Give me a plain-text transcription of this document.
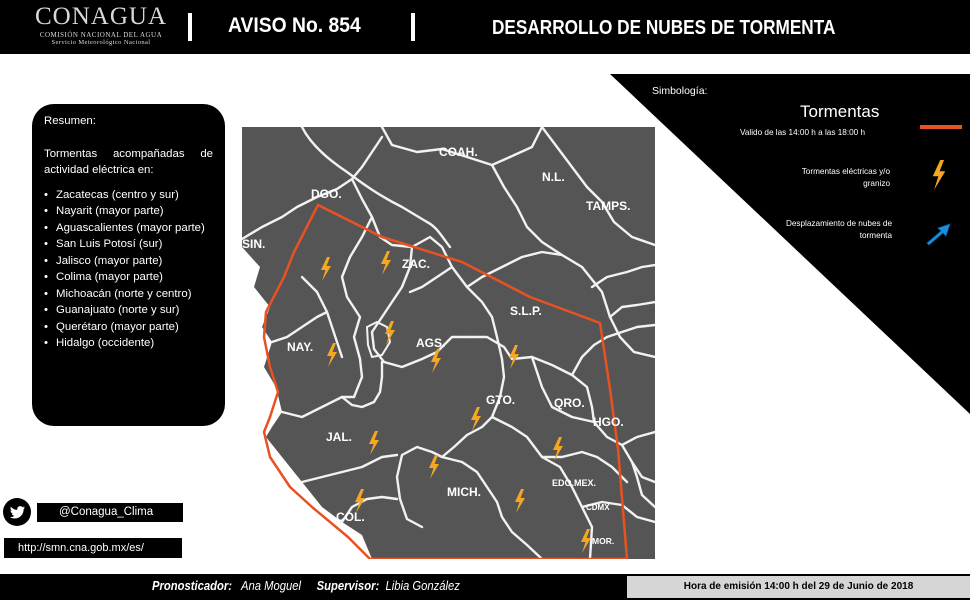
CONAGUA
COMISIÓN NACIONAL DEL AGUA
Servicio Meteorológico Nacional
AVISO No. 854	DESARROLLO DE NUBES DE TORMENTA
Resumen:
Tormentas acompañadas de actividad eléctrica en:
• Zacatecas (centro y sur)
• Nayarit (mayor parte)
• Aguascalientes (mayor parte)
• San Luis Potosí (sur)
• Jalisco (mayor parte)
• Colima (mayor parte)
• Michoacán (norte y centro)
• Guanajuato (norte y sur)
• Querétaro (mayor parte)
• Hidalgo (occidente)
COAH.
N.L.
DGO.
TAMPS.
SIN.
ZAC.
S.L.P.
NAY.	AGS.
GTO.	QRO.
HGO.
JAL.
EDO.MEX.
MICH.
CDMX
COL.
MOR.
Simbología:
Tormentas
Valido de las 14:00 h a las 18:00 h
Tormentas eléctricas y/o granizo
Desplazamiento de nubes de tormenta
@Conagua_Clima
http://smn.cna.gob.mx/es/
Pronosticador: Ana Moguel Supervisor: Libia González	Hora de emisión 14:00 h del 29 de Junio de 2018
